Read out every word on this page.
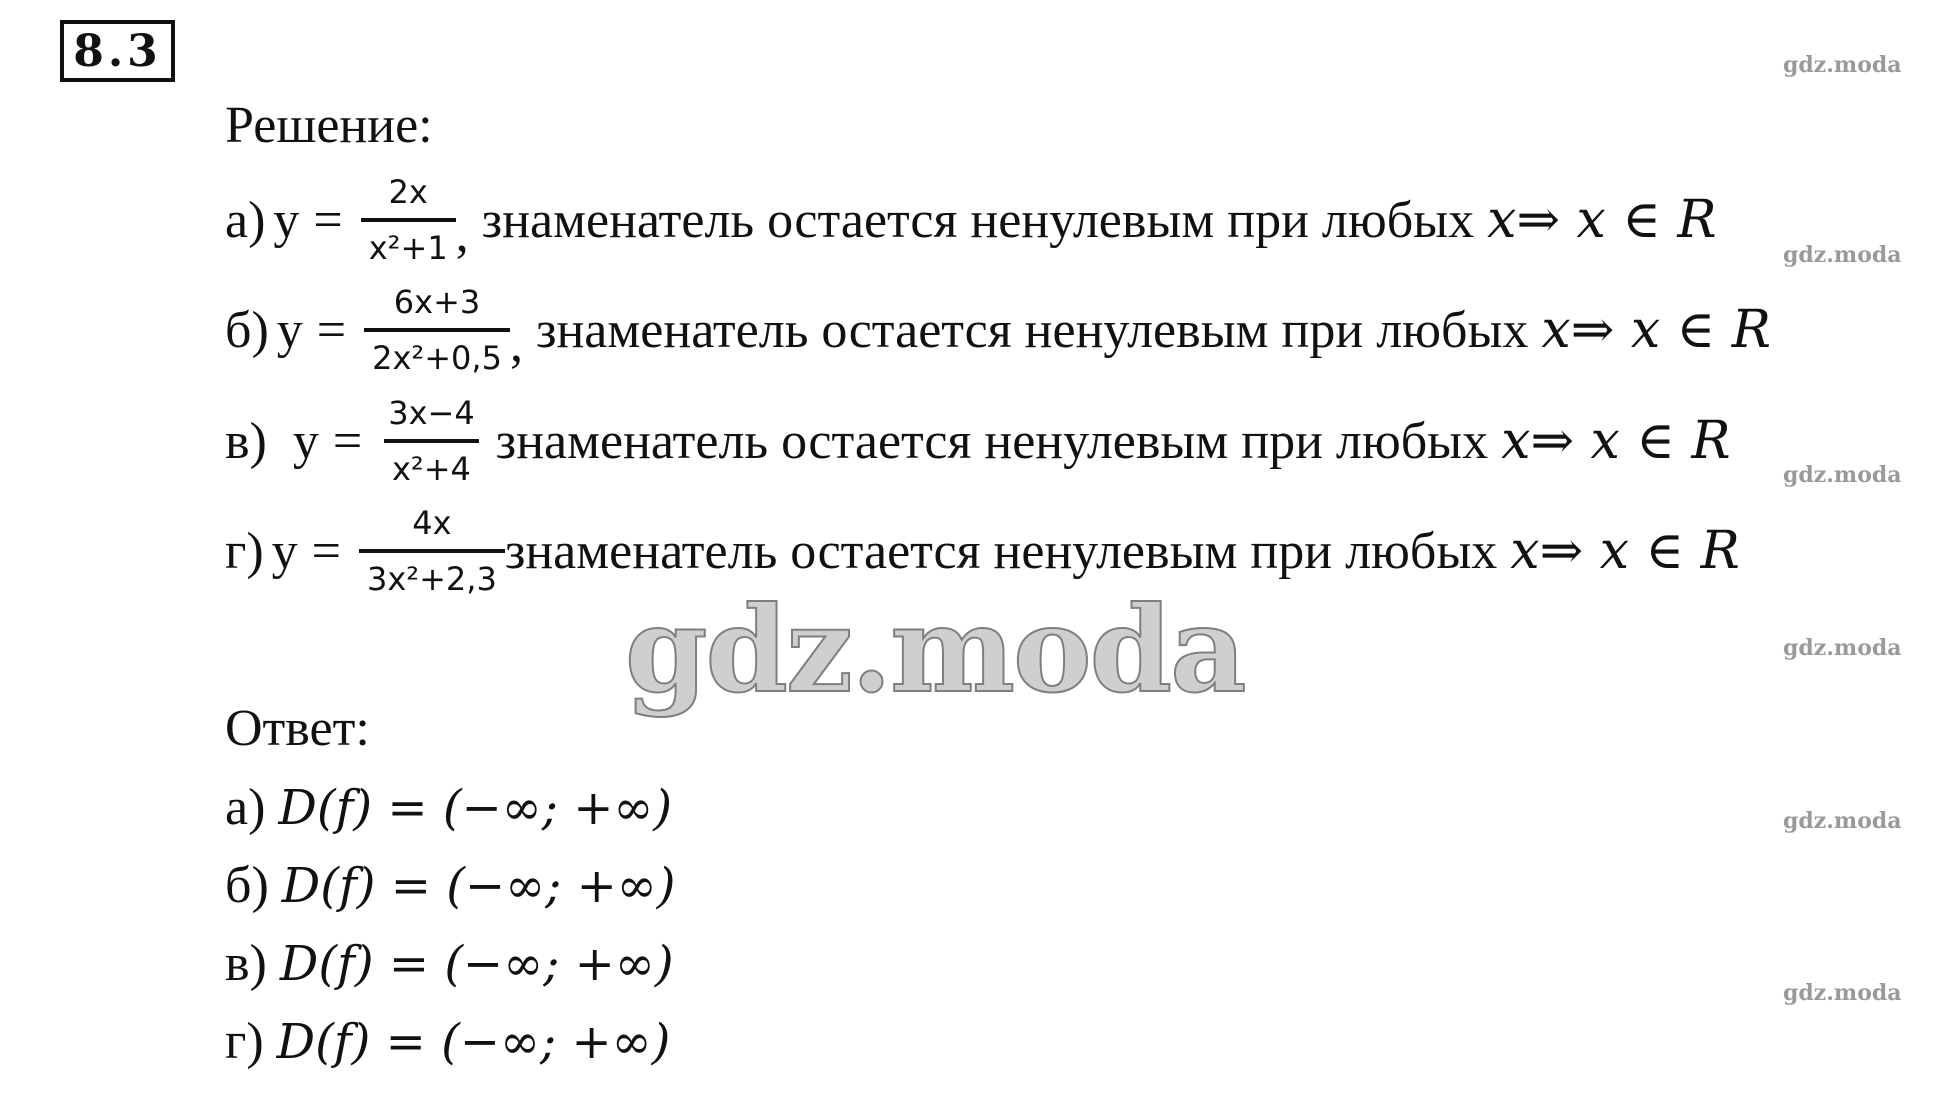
8.3	gdz.moda
gdz.moda
gdz.moda
gdz.moda
gdz.moda
gdz.moda
gdz.moda
Решение:
а) $y = \frac{2x}{\text{x²+1}}$ , знаменатель остается ненулевым при любых x⇒ x ∈ R
б) $y = \frac{6x+3}{\text{2x²+0,5}}$ , знаменатель остается ненулевым при любых x⇒ x ∈ R
в) $y = \frac{3x-4}{\text{x²+4}}$ знаменатель остается ненулевым при любых x⇒ x ∈ R
г) $y = \frac{4x}{\text{3x²+2,3}}$ знаменатель остается ненулевым при любых x⇒ x ∈ R
Ответ:
а) D(f) = (−∞; +∞)
б) D(f) = (−∞; +∞)
в) D(f) = (−∞; +∞)
г) D(f) = (−∞; +∞)
